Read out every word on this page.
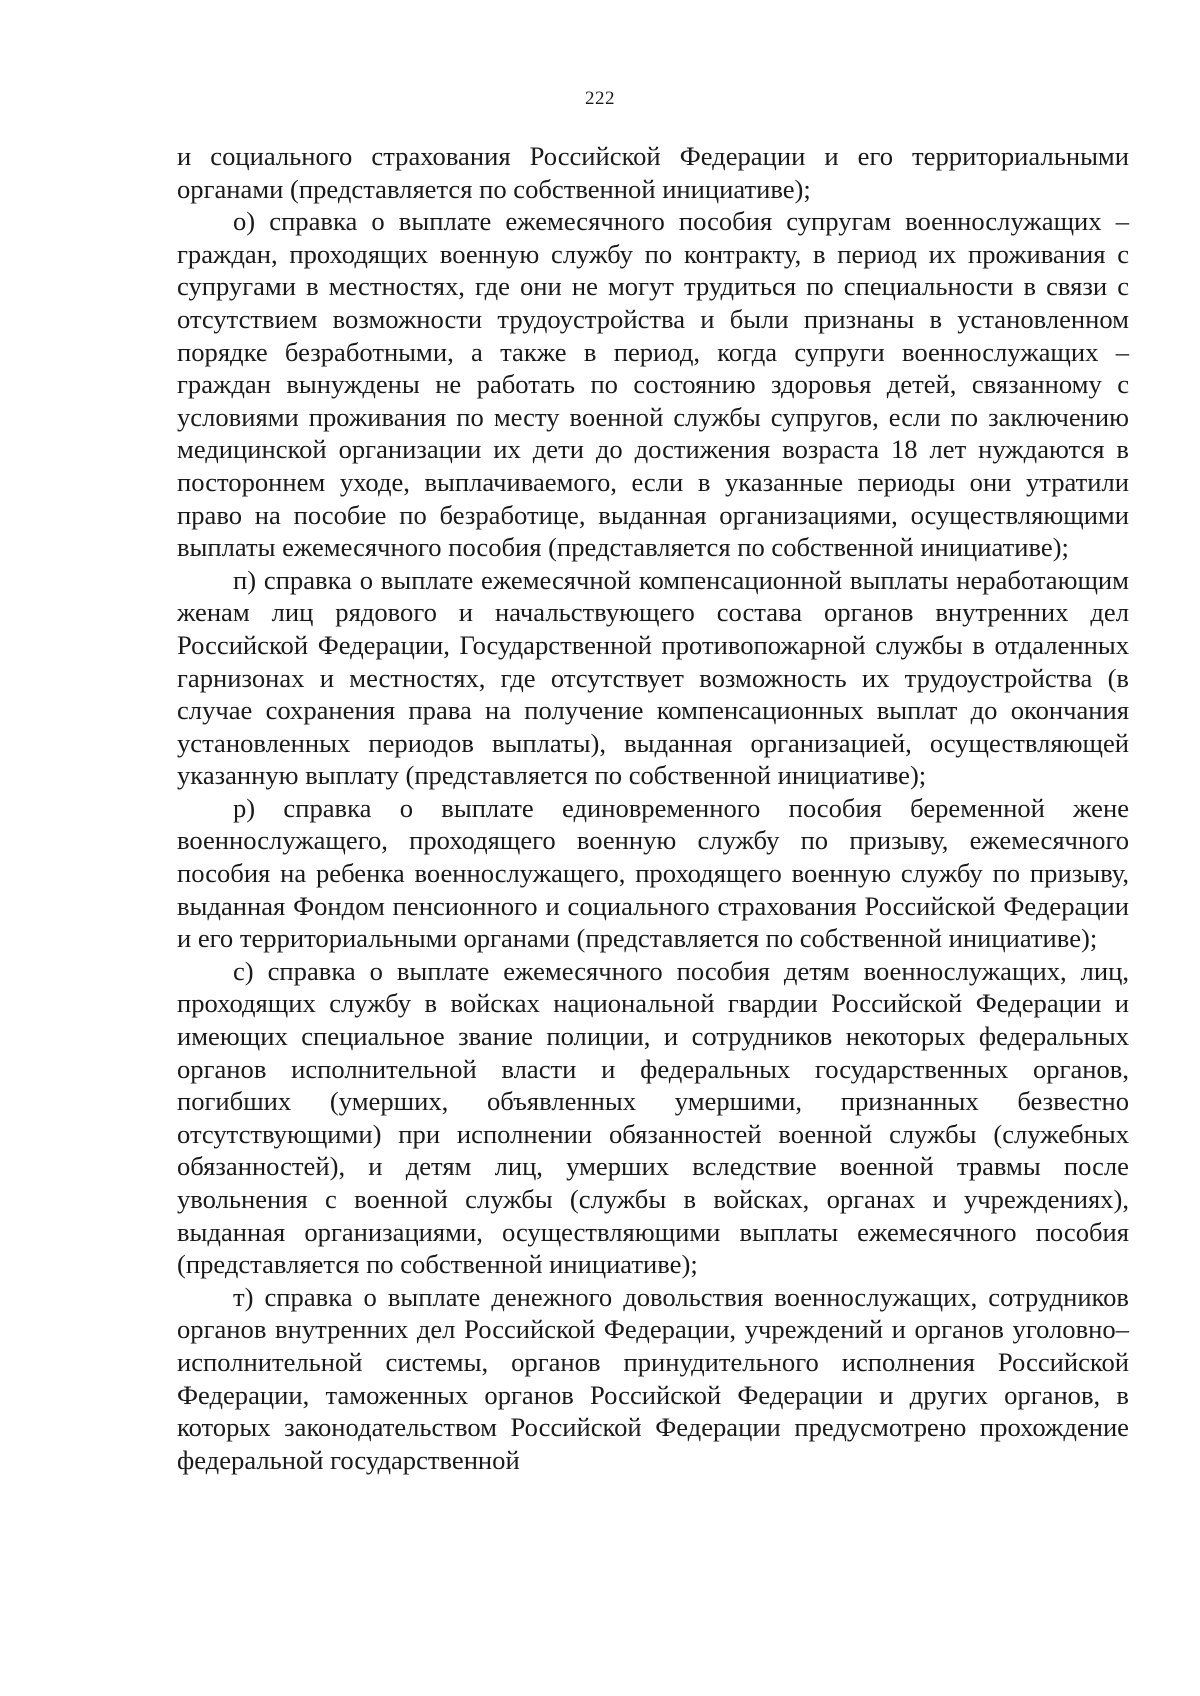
222

и социального страхования Российской Федерации и его территориальными органами (представляется по собственной инициативе);

о) справка о выплате ежемесячного пособия супругам военнослужащих – граждан, проходящих военную службу по контракту, в период их проживания с супругами в местностях, где они не могут трудиться по специальности в связи с отсутствием возможности трудоустройства и были признаны в установленном порядке безработными, а также в период, когда супруги военнослужащих – граждан вынуждены не работать по состоянию здоровья детей, связанному с условиями проживания по месту военной службы супругов, если по заключению медицинской организации их дети до достижения возраста 18 лет нуждаются в постороннем уходе, выплачиваемого, если в указанные периоды они утратили право на пособие по безработице, выданная организациями, осуществляющими выплаты ежемесячного пособия (представляется по собственной инициативе);

п) справка о выплате ежемесячной компенсационной выплаты неработающим женам лиц рядового и начальствующего состава органов внутренних дел Российской Федерации, Государственной противопожарной службы в отдаленных гарнизонах и местностях, где отсутствует возможность их трудоустройства (в случае сохранения права на получение компенсационных выплат до окончания установленных периодов выплаты), выданная организацией, осуществляющей указанную выплату (представляется по собственной инициативе);

р) справка о выплате единовременного пособия беременной жене военнослужащего, проходящего военную службу по призыву, ежемесячного пособия на ребенка военнослужащего, проходящего военную службу по призыву, выданная Фондом пенсионного и социального страхования Российской Федерации и его территориальными органами (представляется по собственной инициативе);

с) справка о выплате ежемесячного пособия детям военнослужащих, лиц, проходящих службу в войсках национальной гвардии Российской Федерации и имеющих специальное звание полиции, и сотрудников некоторых федеральных органов исполнительной власти и федеральных государственных органов, погибших (умерших, объявленных умершими, признанных безвестно отсутствующими) при исполнении обязанностей военной службы (служебных обязанностей), и детям лиц, умерших вследствие военной травмы после увольнения с военной службы (службы в войсках, органах и учреждениях), выданная организациями, осуществляющими выплаты ежемесячного пособия (представляется по собственной инициативе);

т) справка о выплате денежного довольствия военнослужащих, сотрудников органов внутренних дел Российской Федерации, учреждений и органов уголовно–исполнительной системы, органов принудительного исполнения Российской Федерации, таможенных органов Российской Федерации и других органов, в которых законодательством Российской Федерации предусмотрено прохождение федеральной государственной
